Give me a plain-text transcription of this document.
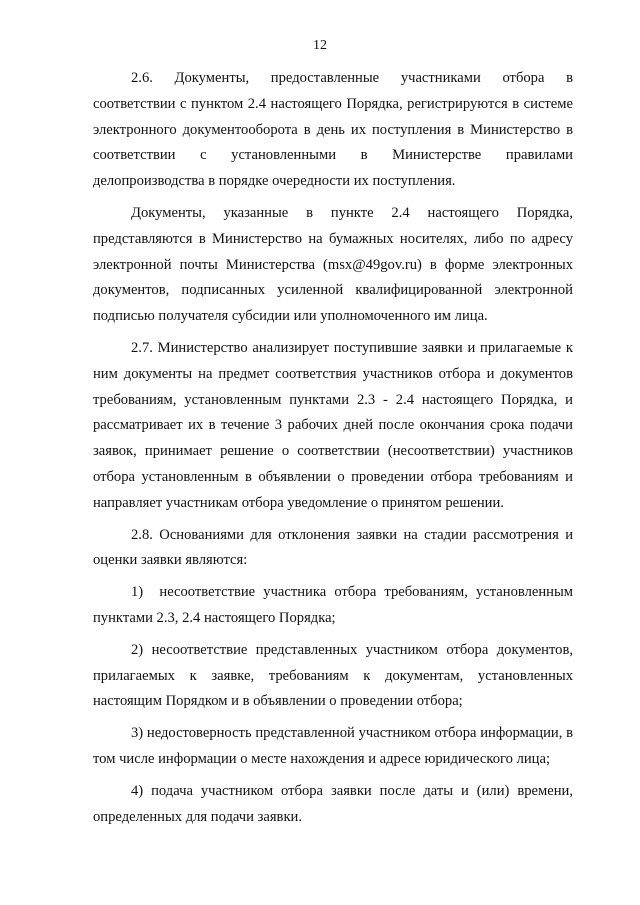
12

2.6.   Документы,   предоставленные   участниками   отбора   в соответствии с пунктом 2.4 настоящего Порядка, регистрируются в системе электронного документооборота в день их поступления в Министерство в соответствии с установленными в Министерстве правилами делопроизводства в порядке очередности их поступления.

Документы, указанные в пункте 2.4 настоящего Порядка, представляются в Министерство на бумажных носителях, либо по адресу электронной почты Министерства (msx@49gov.ru) в форме электронных документов, подписанных усиленной квалифицированной электронной подписью получателя субсидии или уполномоченного им лица.

2.7. Министерство анализирует поступившие заявки и прилагаемые к ним документы на предмет соответствия участников отбора и документов требованиям, установленным пунктами 2.3 - 2.4 настоящего Порядка, и рассматривает их в течение 3 рабочих дней после окончания срока подачи заявок, принимает решение о соответствии (несоответствии) участников отбора установленным в объявлении о проведении отбора требованиям и направляет участникам отбора уведомление о принятом решении.

2.8. Основаниями для отклонения заявки на стадии рассмотрения и оценки заявки являются:

1)  несоответствие участника отбора требованиям, установленным пунктами 2.3, 2.4 настоящего Порядка;

2) несоответствие представленных участником отбора документов, прилагаемых к заявке, требованиям к документам, установленных настоящим Порядком и в объявлении о проведении отбора;

3) недостоверность представленной участником отбора информации, в том числе информации о месте нахождения и адресе юридического лица;

4) подача участником отбора заявки после даты и (или) времени, определенных для подачи заявки.
